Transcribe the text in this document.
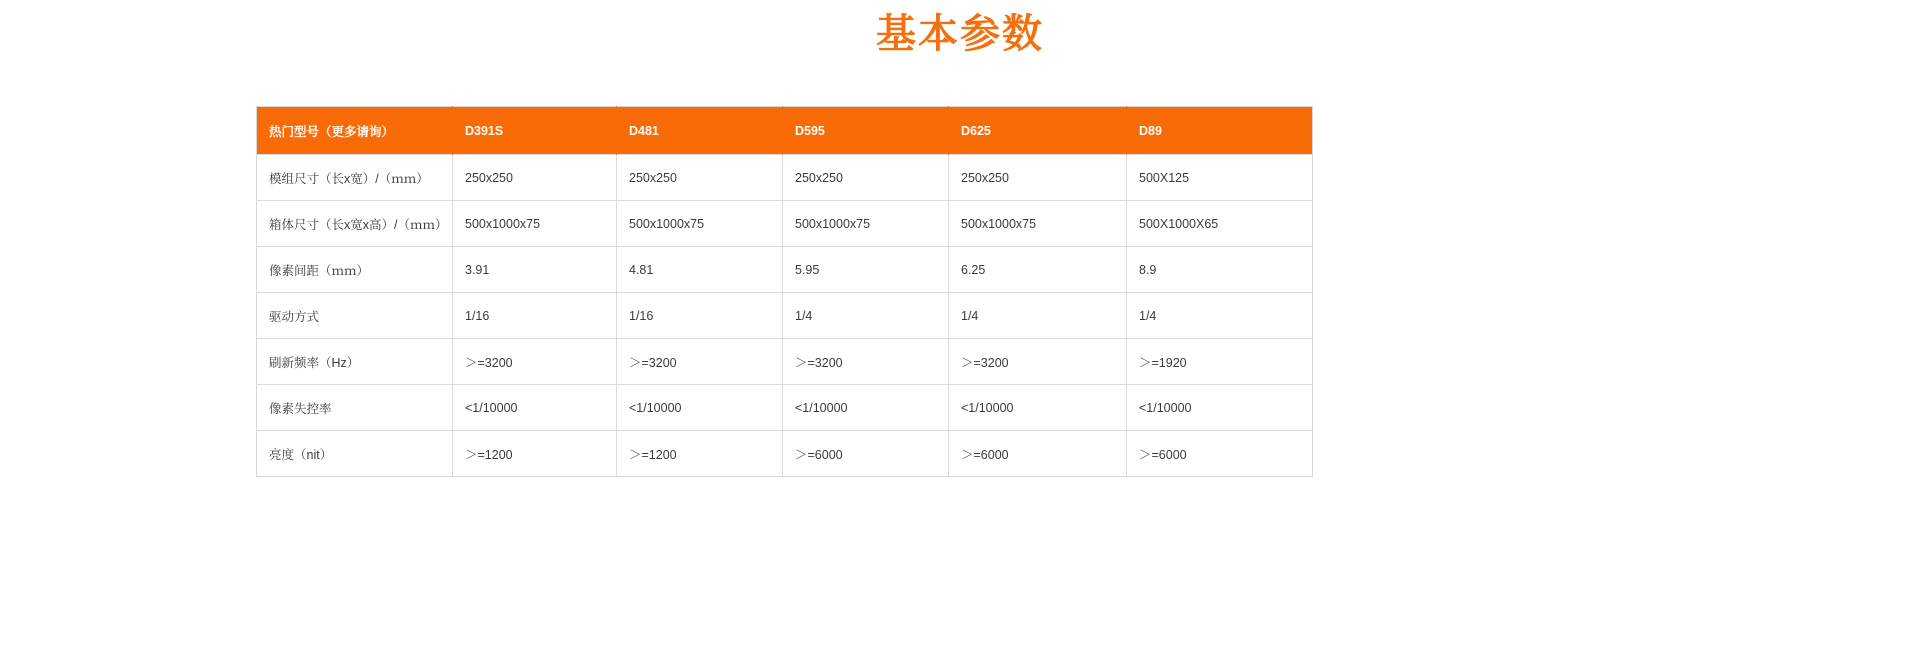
基本参数
热门型号（更多请询）	D391S	D481	D595	D625	D89
模组尺寸（长x宽）/（ｍｍ）	250x250	250x250	250x250	250x250	500X125
箱体尺寸（长x宽x高）/（ｍｍ）	500x1000x75	500x1000x75	500x1000x75	500x1000x75	500X1000X65
像素间距（ｍｍ）	3.91	4.81	5.95	6.25	8.9
驱动方式	1/16	1/16	1/4	1/4	1/4
刷新频率（Hz）	＞=3200	＞=3200	＞=3200	＞=3200	＞=1920
像素失控率	<1/10000	<1/10000	<1/10000	<1/10000	<1/10000
亮度（nit）	＞=1200	＞=1200	＞=6000	＞=6000	＞=6000
